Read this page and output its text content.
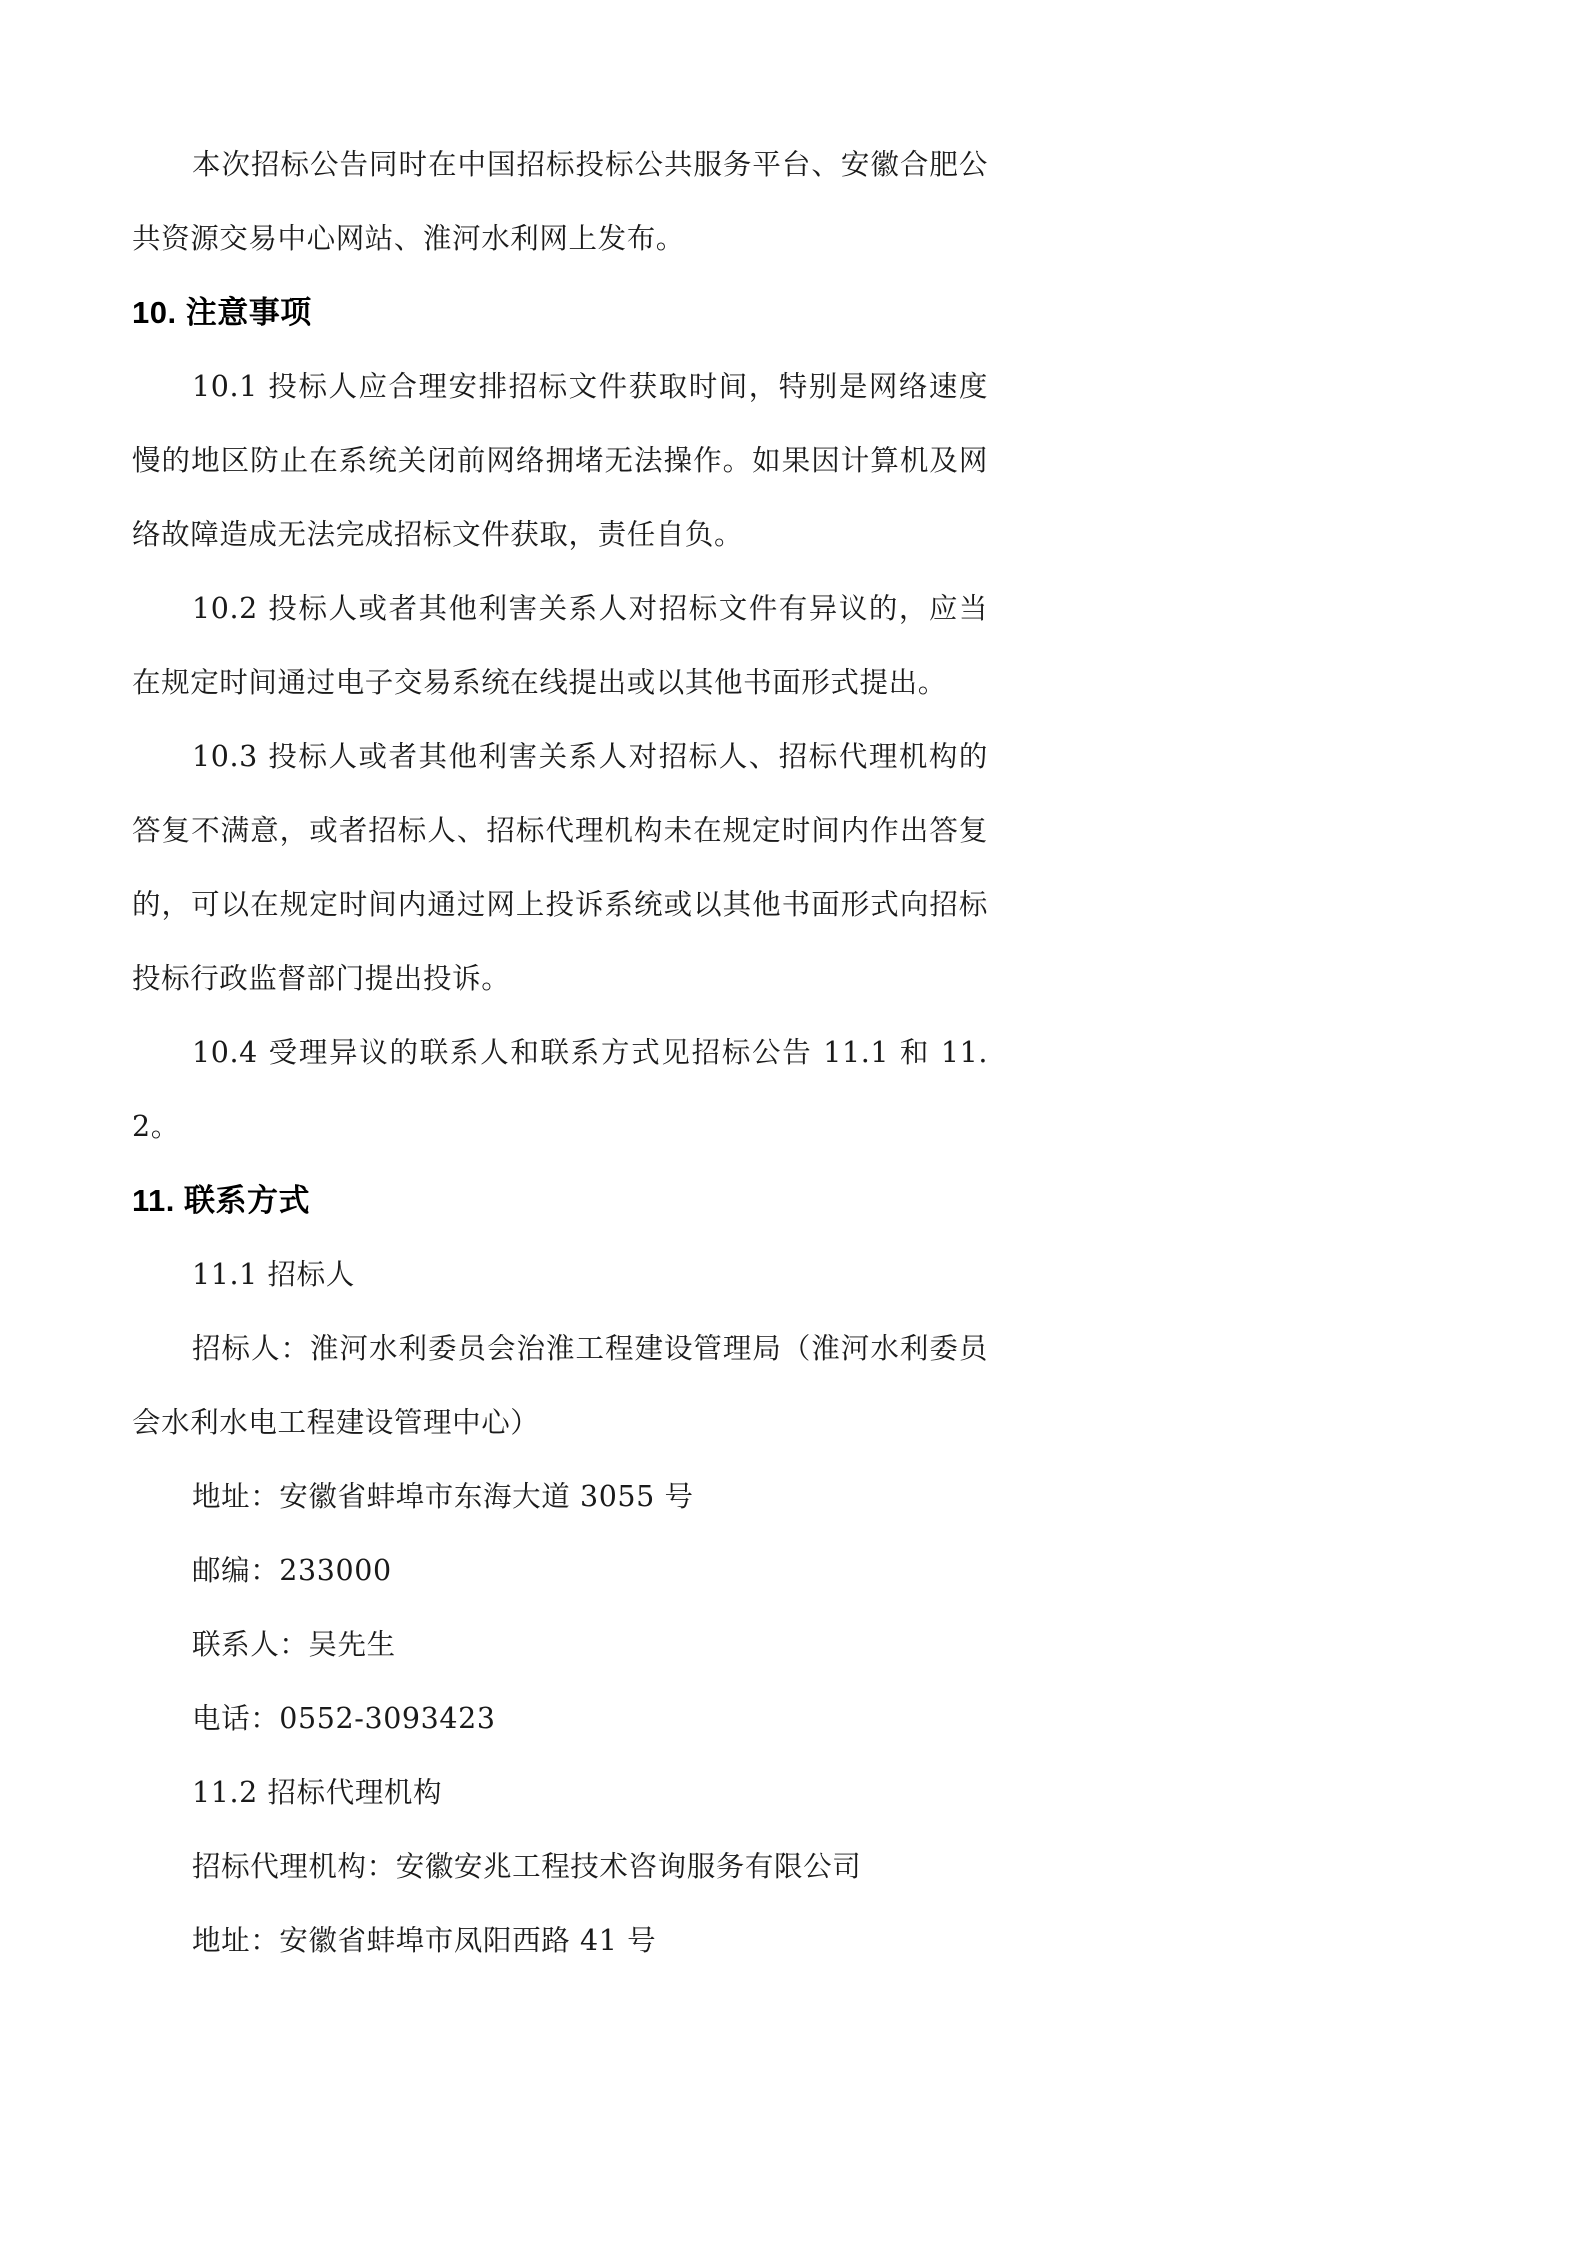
本次招标公告同时在中国招标投标公共服务平台、安徽合肥公共资源交易中心网站、淮河水利网上发布。

10. 注意事项

10.1 投标人应合理安排招标文件获取时间，特别是网络速度慢的地区防止在系统关闭前网络拥堵无法操作。如果因计算机及网络故障造成无法完成招标文件获取，责任自负。

10.2 投标人或者其他利害关系人对招标文件有异议的，应当在规定时间通过电子交易系统在线提出或以其他书面形式提出。

10.3 投标人或者其他利害关系人对招标人、招标代理机构的答复不满意，或者招标人、招标代理机构未在规定时间内作出答复的，可以在规定时间内通过网上投诉系统或以其他书面形式向招标投标行政监督部门提出投诉。

10.4 受理异议的联系人和联系方式见招标公告 11.1 和 11.2。

11. 联系方式

11.1 招标人

招标人：淮河水利委员会治淮工程建设管理局（淮河水利委员会水利水电工程建设管理中心）

地址：安徽省蚌埠市东海大道 3055 号

邮编：233000

联系人：吴先生

电话：0552-3093423

11.2 招标代理机构

招标代理机构：安徽安兆工程技术咨询服务有限公司

地址：安徽省蚌埠市凤阳西路 41 号
